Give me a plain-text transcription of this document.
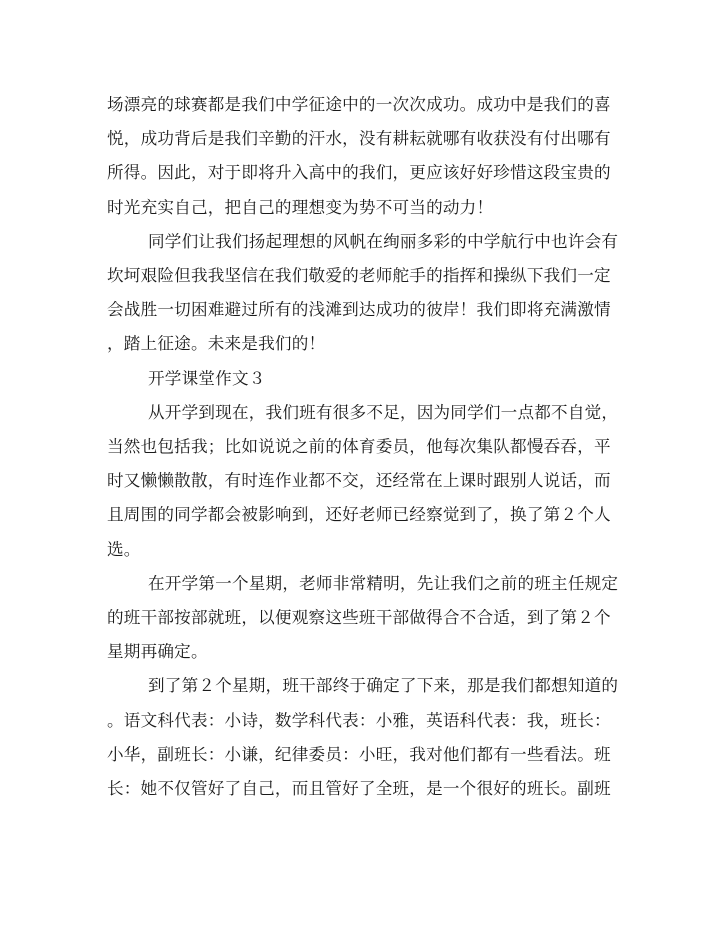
场漂亮的球赛都是我们中学征途中的一次次成功。成功中是我们的喜
悦，成功背后是我们辛勤的汗水，没有耕耘就哪有收获没有付出哪有
所得。因此，对于即将升入高中的我们，更应该好好珍惜这段宝贵的
时光充实自己，把自己的理想变为势不可当的动力！

同学们让我们扬起理想的风帆在绚丽多彩的中学航行中也许会有
坎坷艰险但我我坚信在我们敬爱的老师舵手的指挥和操纵下我们一定
会战胜一切困难避过所有的浅滩到达成功的彼岸！我们即将充满激情
，踏上征途。未来是我们的！

开学课堂作文３

从开学到现在，我们班有很多不足，因为同学们一点都不自觉，
当然也包括我；比如说说之前的体育委员，他每次集队都慢吞吞，平
时又懒懒散散，有时连作业都不交，还经常在上课时跟别人说话，而
且周围的同学都会被影响到，还好老师已经察觉到了，换了第２个人
选。

在开学第一个星期，老师非常精明，先让我们之前的班主任规定
的班干部按部就班，以便观察这些班干部做得合不合适，到了第２个
星期再确定。

到了第２个星期，班干部终于确定了下来，那是我们都想知道的
。语文科代表：小诗，数学科代表：小雅，英语科代表：我，班长：
小华，副班长：小谦，纪律委员：小旺，我对他们都有一些看法。班
长：她不仅管好了自己，而且管好了全班，是一个很好的班长。副班
